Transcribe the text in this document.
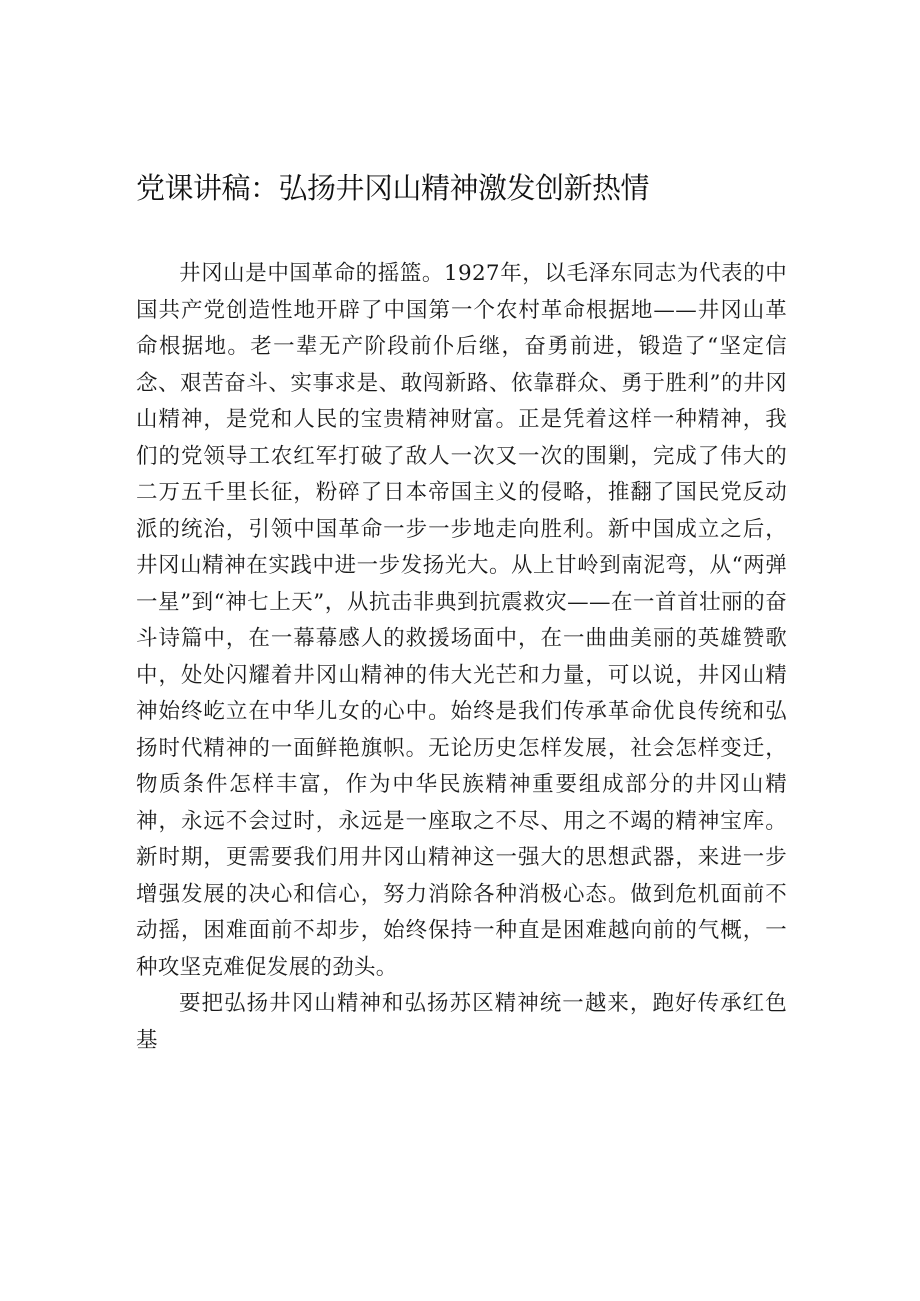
党课讲稿：弘扬井冈山精神激发创新热情

井冈山是中国革命的摇篮。1927年，以毛泽东同志为代表的中国共产党创造性地开辟了中国第一个农村革命根据地——井冈山革命根据地。老一辈无产阶段前仆后继，奋勇前进，锻造了“坚定信念、艰苦奋斗、实事求是、敢闯新路、依靠群众、勇于胜利”的井冈山精神，是党和人民的宝贵精神财富。正是凭着这样一种精神，我们的党领导工农红军打破了敌人一次又一次的围剿，完成了伟大的二万五千里长征，粉碎了日本帝国主义的侵略，推翻了国民党反动派的统治，引领中国革命一步一步地走向胜利。新中国成立之后，井冈山精神在实践中进一步发扬光大。从上甘岭到南泥弯，从“两弹一星”到“神七上天”，从抗击非典到抗震救灾——在一首首壮丽的奋斗诗篇中，在一幕幕感人的救援场面中，在一曲曲美丽的英雄赞歌中，处处闪耀着井冈山精神的伟大光芒和力量，可以说，井冈山精神始终屹立在中华儿女的心中。始终是我们传承革命优良传统和弘扬时代精神的一面鲜艳旗帜。无论历史怎样发展，社会怎样变迁，物质条件怎样丰富，作为中华民族精神重要组成部分的井冈山精神，永远不会过时，永远是一座取之不尽、用之不竭的精神宝库。新时期，更需要我们用井冈山精神这一强大的思想武器，来进一步增强发展的决心和信心，努力消除各种消极心态。做到危机面前不动摇，困难面前不却步，始终保持一种直是困难越向前的气概，一种攻坚克难促发展的劲头。

要把弘扬井冈山精神和弘扬苏区精神统一越来，跑好传承红色基
